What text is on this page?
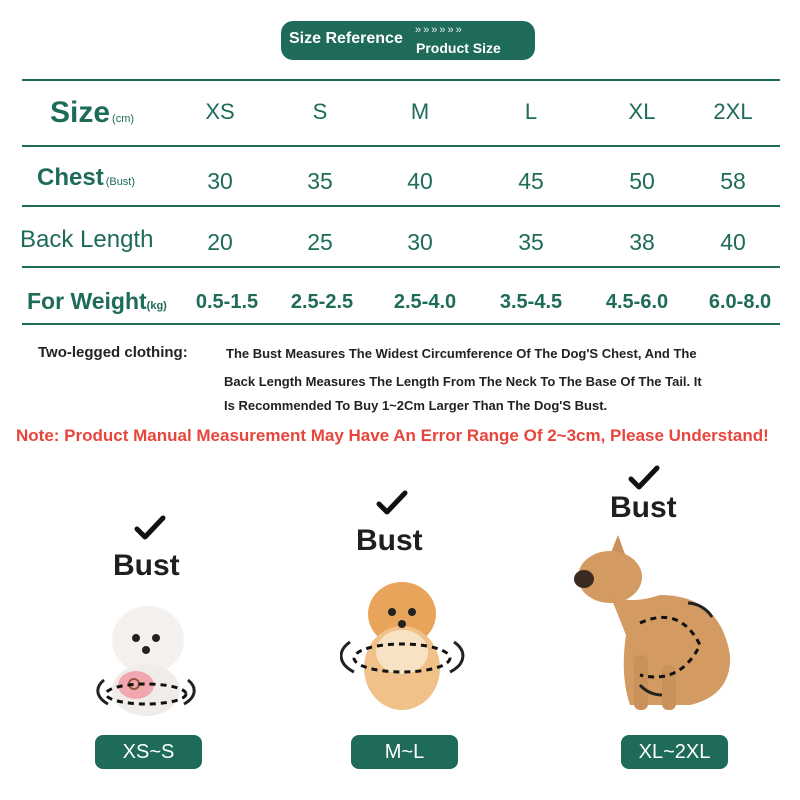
Size Reference »»»»»»
Product Size
Size (cm)	XS	S	M	L	XL	2XL
Chest (Bust)	30	35	40	45	50	58
Back Length	20	25	30	35	38	40
For Weight(kg)	0.5-1.5	2.5-2.5	2.5-4.0	3.5-4.5	4.5-6.0	6.0-8.0
Two-legged clothing:	The Bust Measures The Widest Circumference Of The Dog'S Chest, And The
Back Length Measures The Length From The Neck To The Base Of The Tail. It
Is Recommended To Buy 1~2Cm Larger Than The Dog'S Bust.
Note: Product Manual Measurement May Have An Error Range Of 2~3cm, Please Understand!
Bust
XS~S
Bust
M~L
Bust
XL~2XL
